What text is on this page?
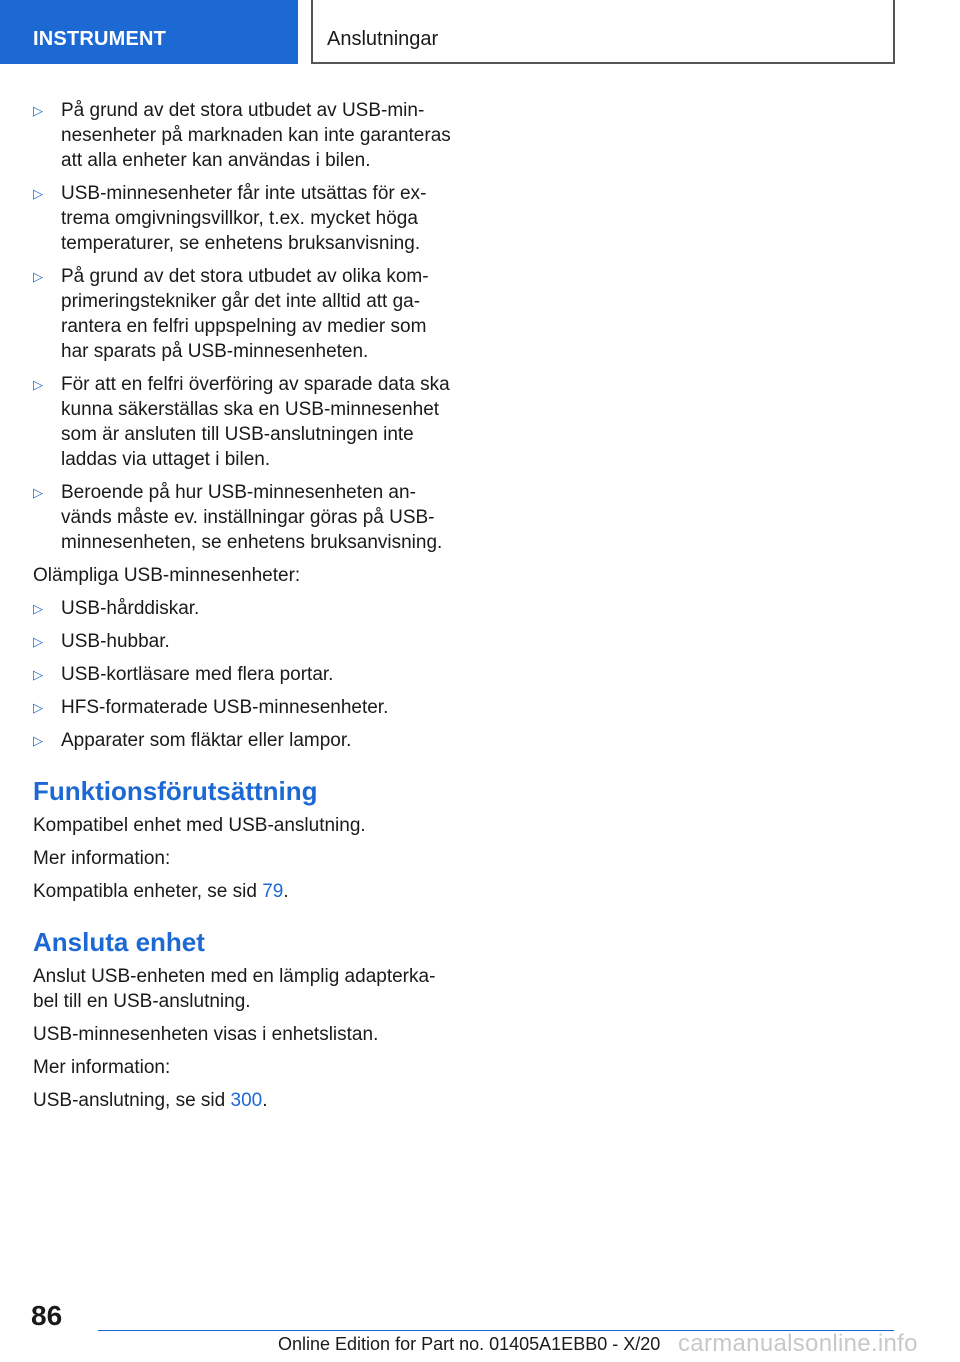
INSTRUMENT	Anslutningar
▷ På grund av det stora utbudet av USB-minnesenheter på marknaden kan inte garanteras att alla enheter kan användas i bilen.
▷ USB-minnesenheter får inte utsättas för extrema omgivningsvillkor, t.ex. mycket höga temperaturer, se enhetens bruksanvisning.
▷ På grund av det stora utbudet av olika komprimeringstekniker går det inte alltid att garantera en felfri uppspelning av medier som har sparats på USB-minnesenheten.
▷ För att en felfri överföring av sparade data ska kunna säkerställas ska en USB-minnesenhet som är ansluten till USB-anslutningen inte laddas via uttaget i bilen.
▷ Beroende på hur USB-minnesenheten används måste ev. inställningar göras på USB-minnesenheten, se enhetens bruksanvisning.

Olämpliga USB-minnesenheter:

▷ USB-hårddiskar.
▷ USB-hubbar.
▷ USB-kortläsare med flera portar.
▷ HFS-formaterade USB-minnesenheter.
▷ Apparater som fläktar eller lampor.
Funktionsförutsättning

Kompatibel enhet med USB-anslutning.

Mer information:

Kompatibla enheter, se sid 79.

Ansluta enhet

Anslut USB-enheten med en lämplig adapterkabel till en USB-anslutning.

USB-minnesenheten visas i enhetslistan.

Mer information:

USB-anslutning, se sid 300.

86
Online Edition for Part no. 01405A1EBB0 - X/20 carmanualsonline.info
